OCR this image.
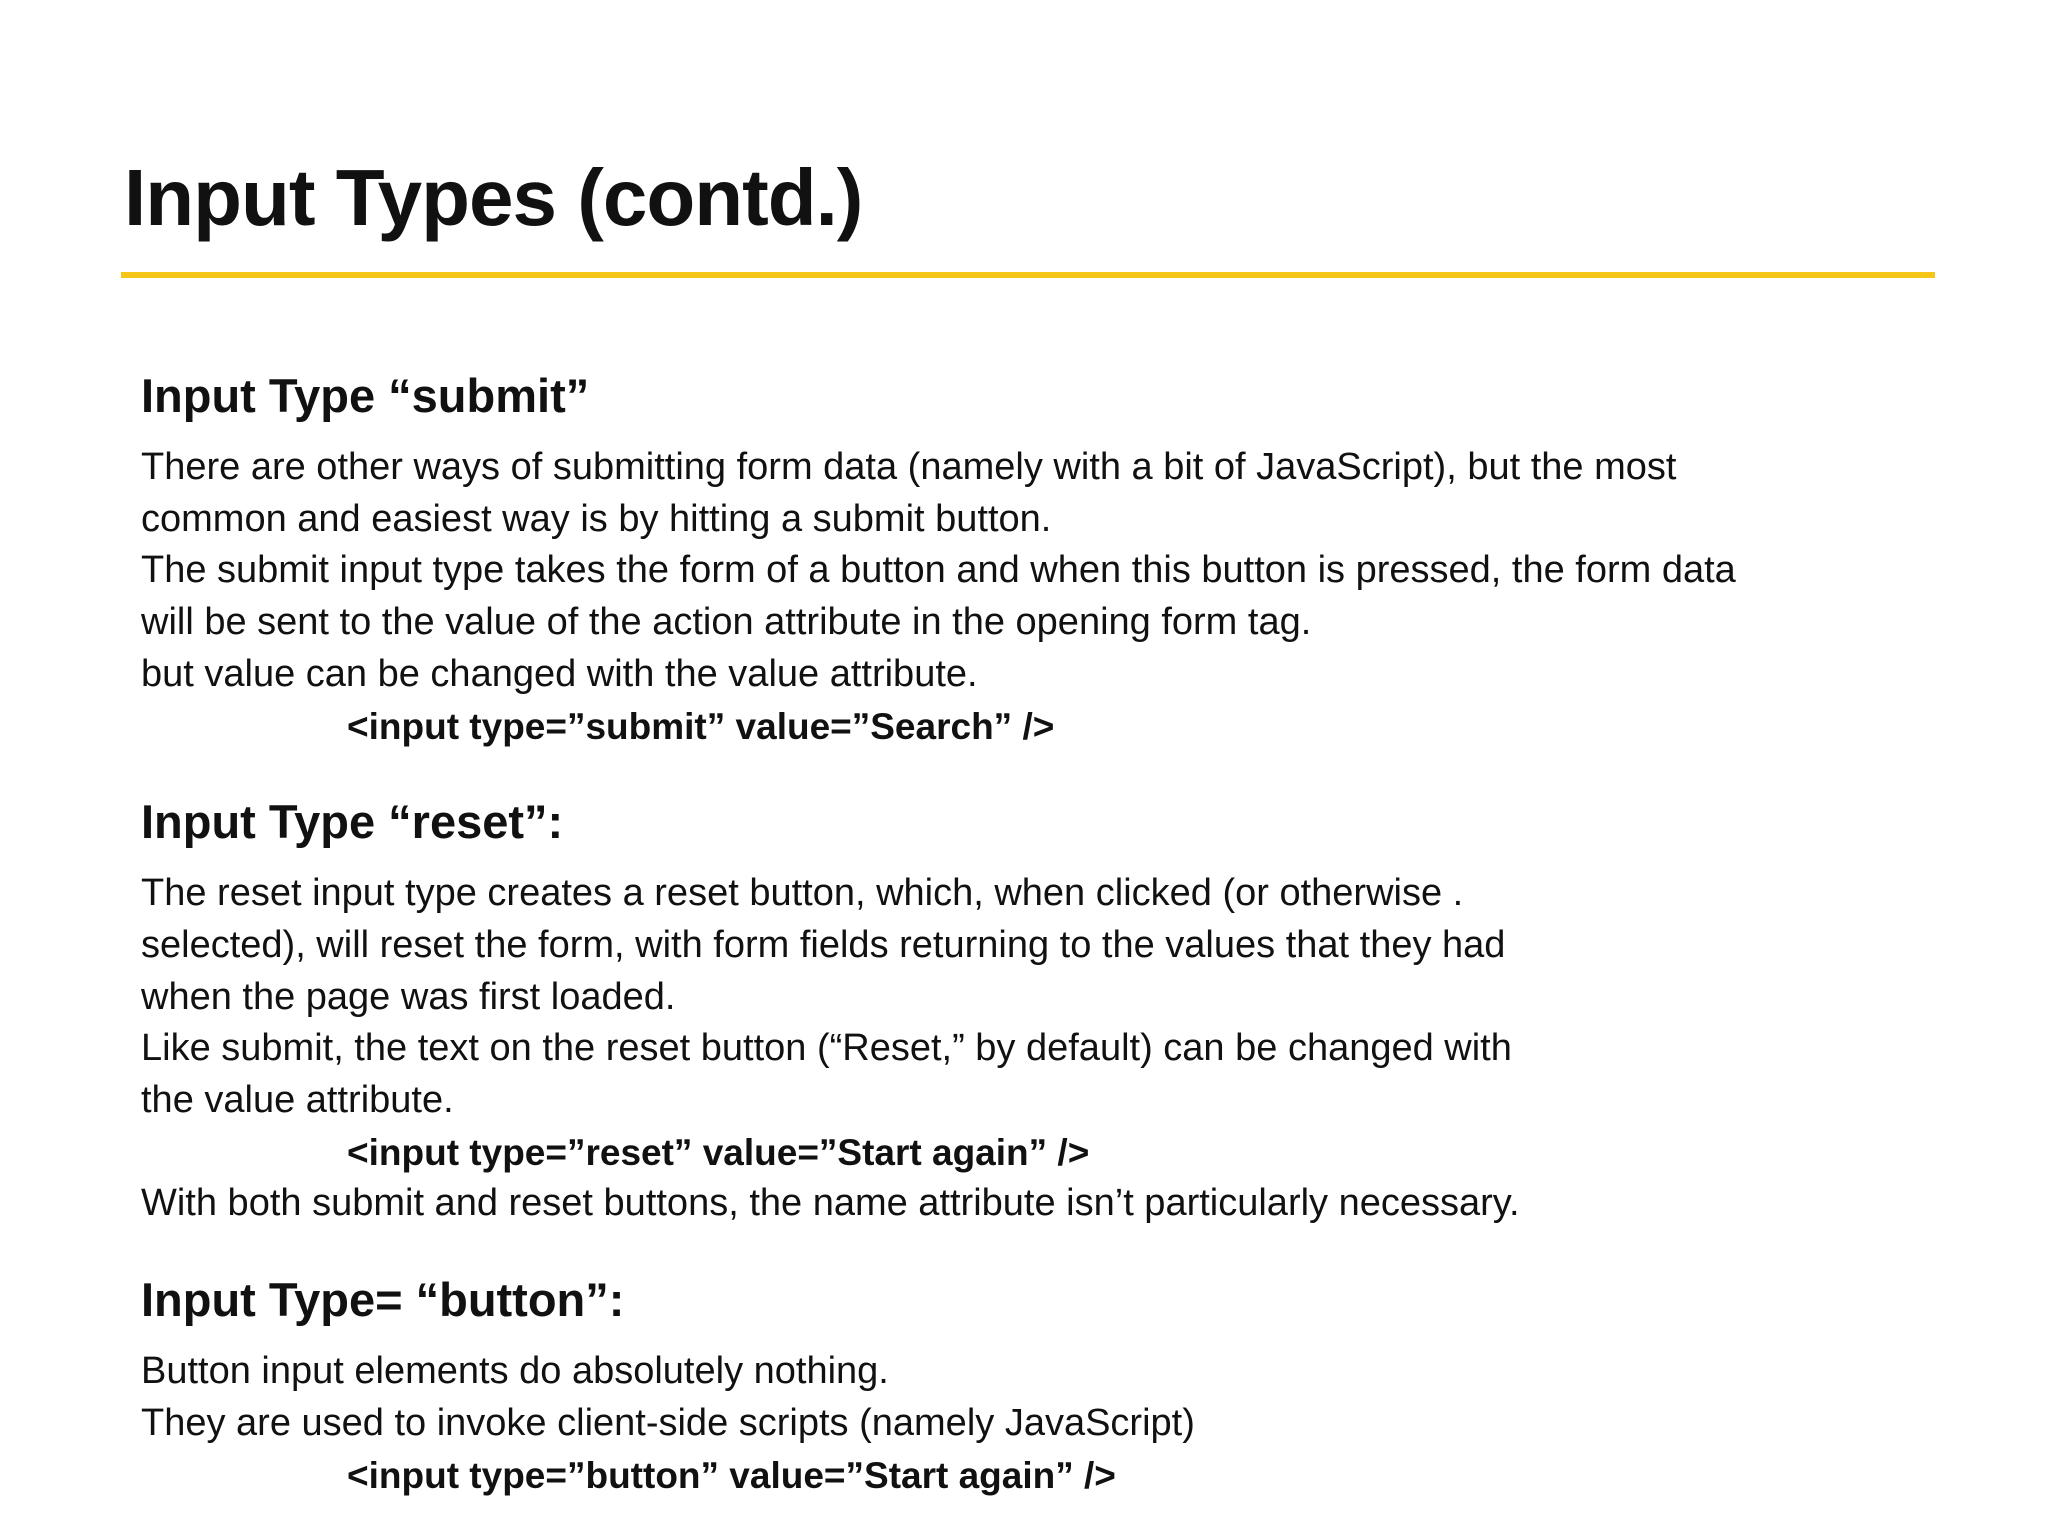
Input Types (contd.)
Input Type “submit”
There are other ways of submitting form data (namely with a bit of JavaScript), but the most
common and easiest way is by hitting a submit button.
The submit input type takes the form of a button and when this button is pressed, the form data
will be sent to the value of the action attribute in the opening form tag.
but value can be changed with the value attribute.
<input type=”submit” value=”Search” />
Input Type “reset”:
The reset input type creates a reset button, which, when clicked (or otherwise .
selected), will reset the form, with form fields returning to the values that they had
when the page was first loaded.
Like submit, the text on the reset button (“Reset,” by default) can be changed with
the value attribute.
<input type=”reset” value=”Start again” />
With both submit and reset buttons, the name attribute isn’t particularly necessary.
Input Type= “button”:
Button input elements do absolutely nothing.
They are used to invoke client-side scripts (namely JavaScript)
<input type=”button” value=”Start again” />
